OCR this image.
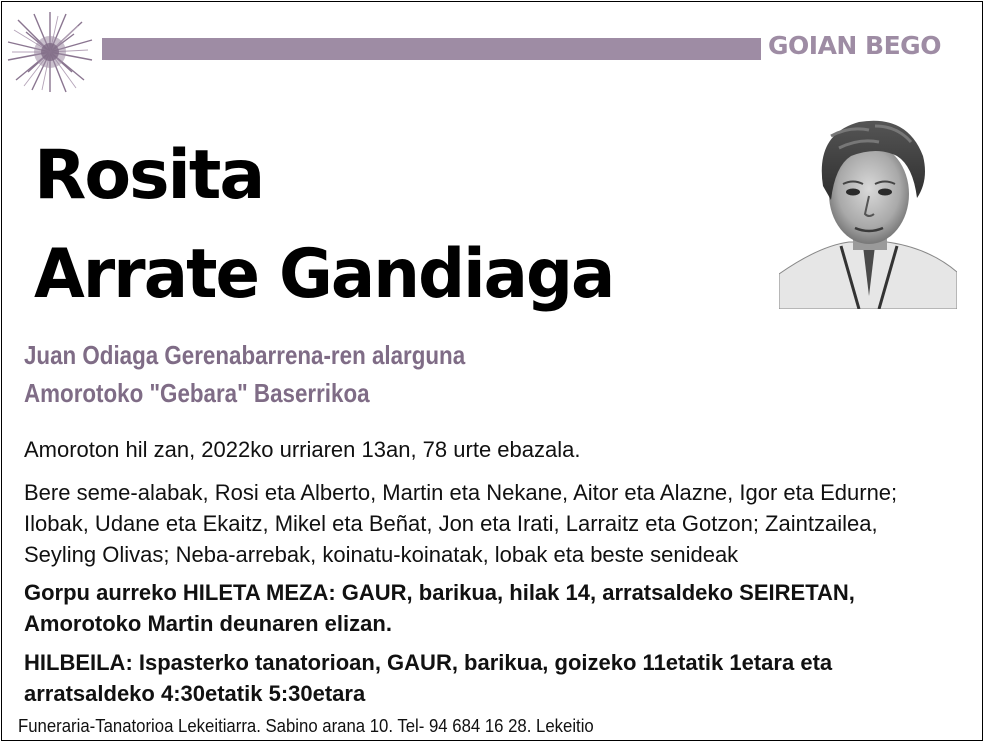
GOIAN BEGO
Rosita
Arrate Gandiaga
Juan Odiaga Gerenabarrena-ren alarguna
Amorotoko "Gebara" Baserrikoa
Amoroton hil zan, 2022ko urriaren 13an, 78 urte ebazala.
Bere seme-alabak, Rosi eta Alberto, Martin eta Nekane, Aitor eta Alazne, Igor eta Edurne;
Ilobak, Udane eta Ekaitz, Mikel eta Beñat, Jon eta Irati, Larraitz eta Gotzon; Zaintzailea,
Seyling Olivas; Neba-arrebak, koinatu-koinatak, lobak eta beste senideak
Gorpu aurreko HILETA MEZA: GAUR, barikua, hilak 14, arratsaldeko SEIRETAN,
Amorotoko Martin deunaren elizan.
HILBEILA: Ispasterko tanatorioan, GAUR, barikua, goizeko 11etatik 1etara eta
arratsaldeko 4:30etatik 5:30etara
Funeraria-Tanatorioa Lekeitiarra. Sabino arana 10. Tel- 94 684 16 28. Lekeitio
